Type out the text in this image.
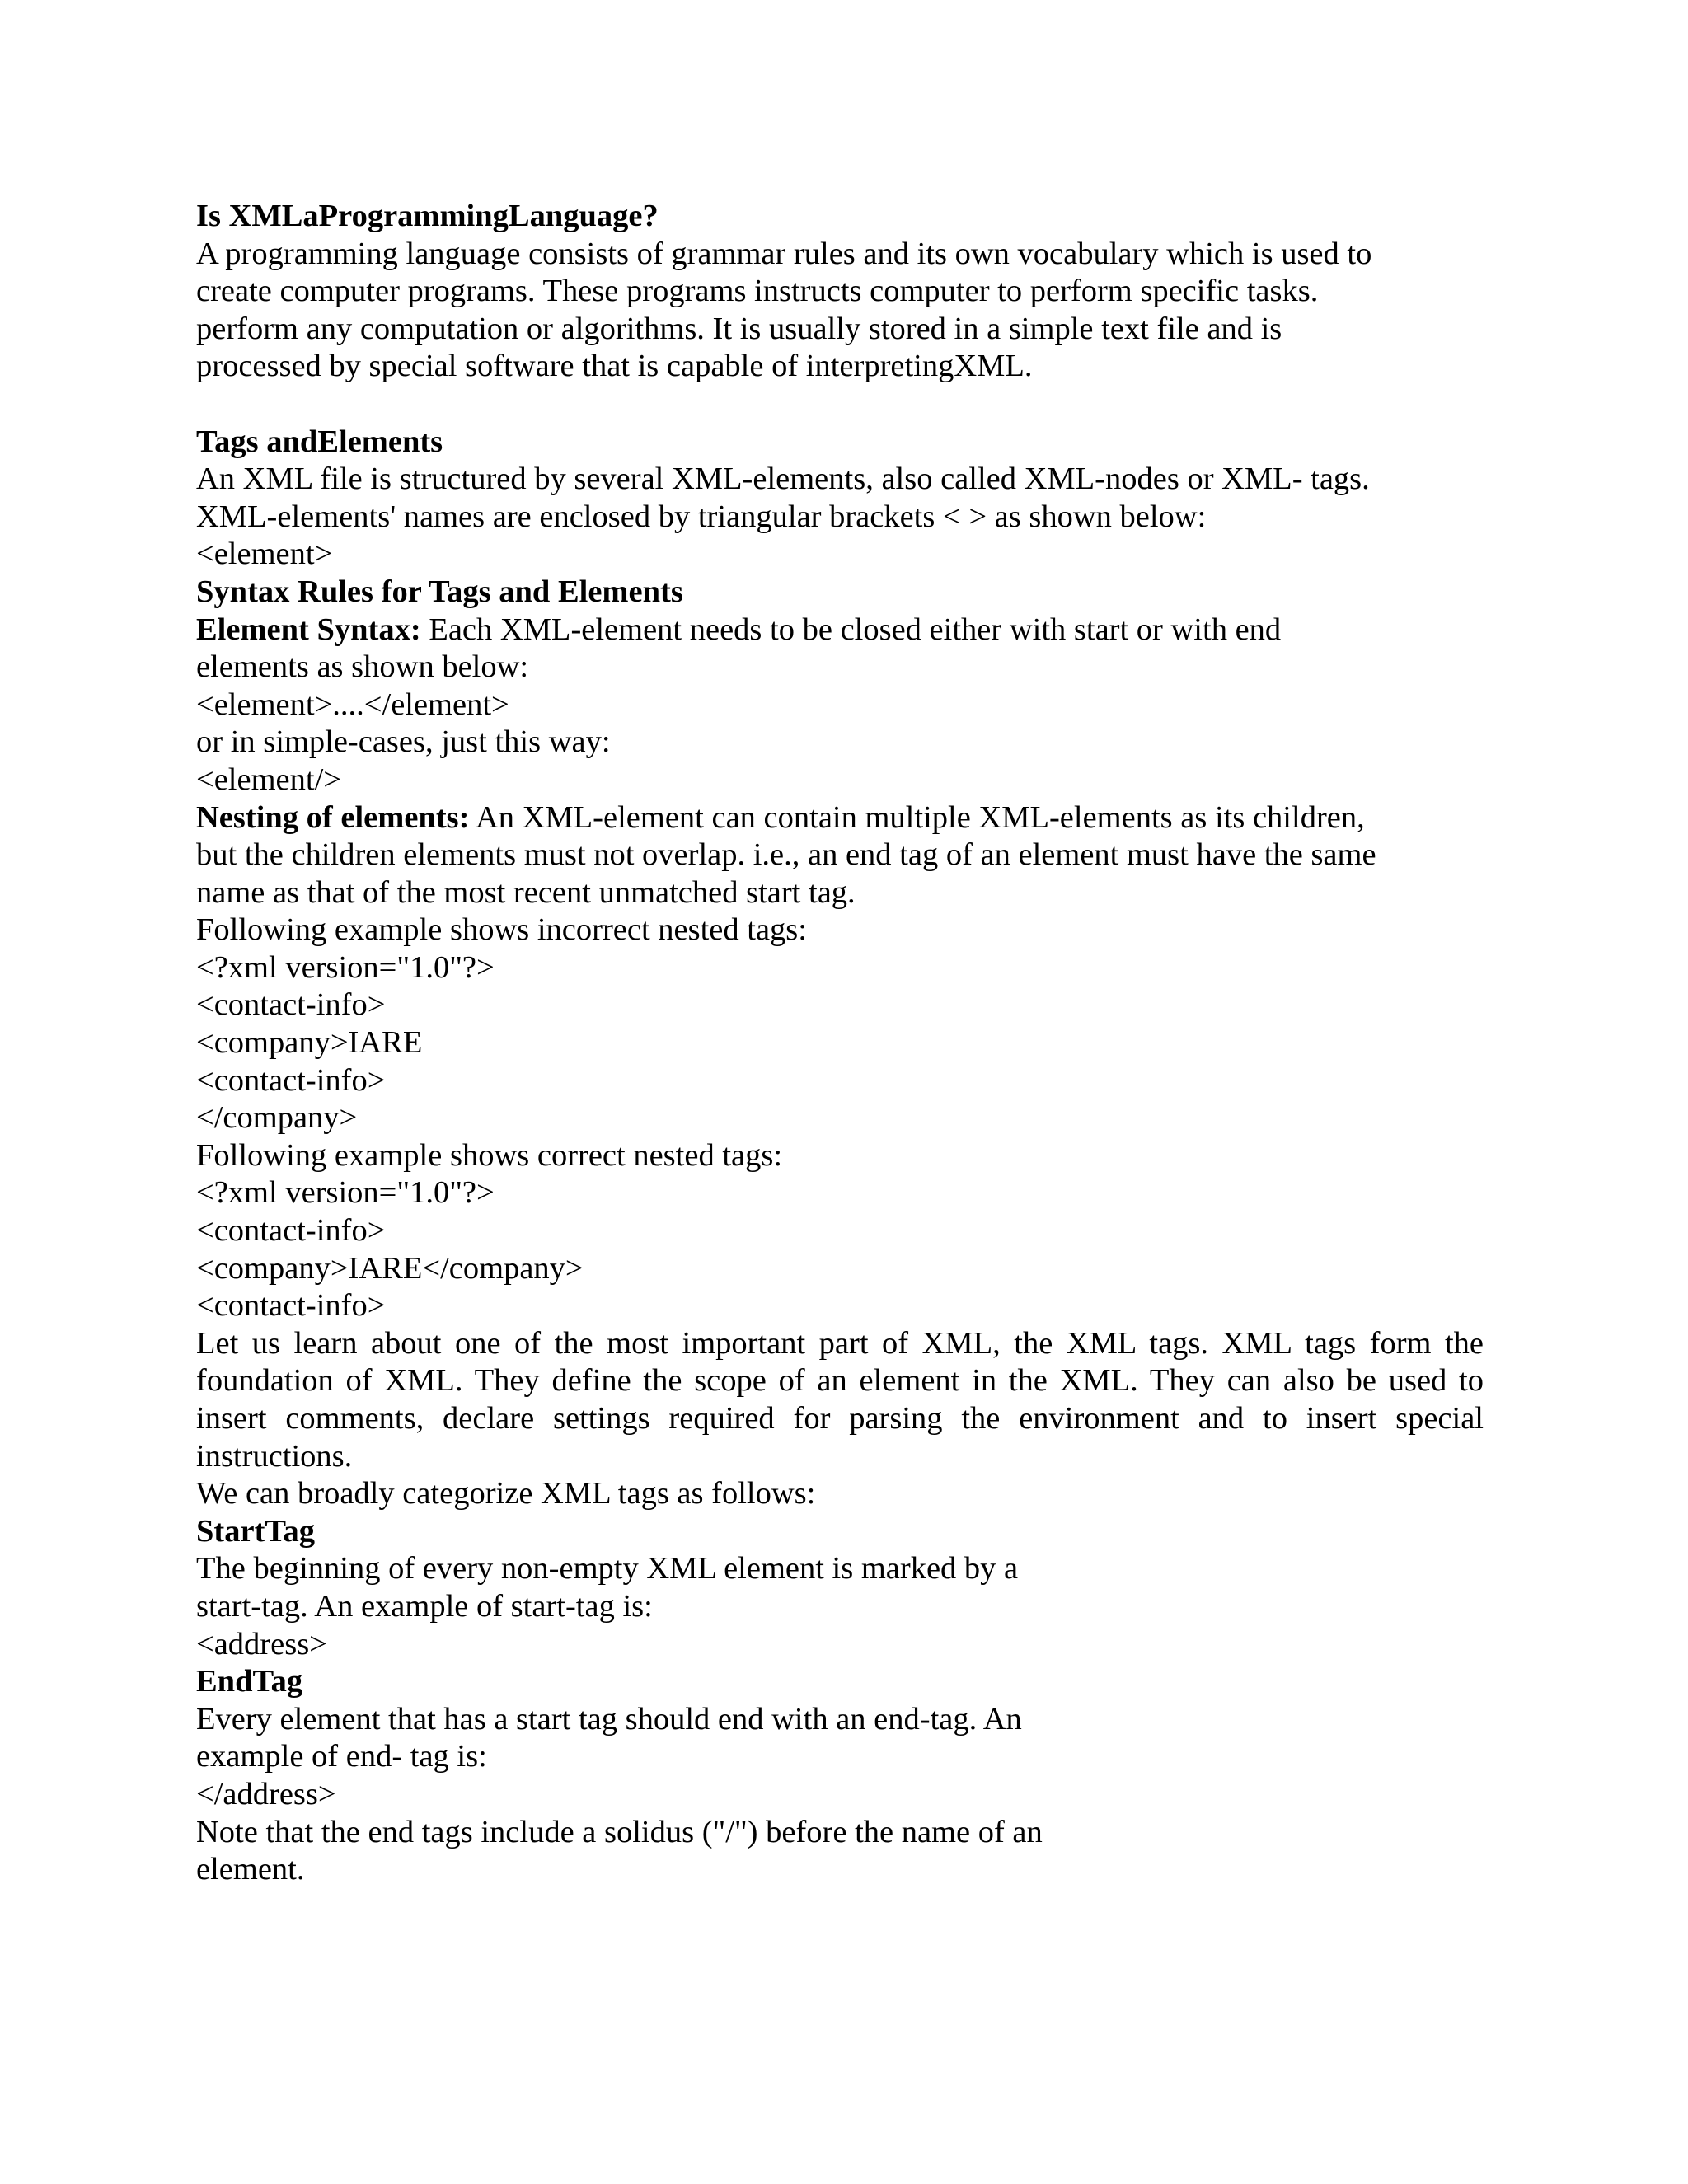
Is XMLaProgrammingLanguage?

A programming language consists of grammar rules and its own vocabulary which is used to

create computer programs. These programs instructs computer to perform specific tasks.

perform any computation or algorithms. It is usually stored in a simple text file and is

processed by special software that is capable of interpretingXML.

Tags andElements

An XML file is structured by several XML-elements, also called XML-nodes or XML- tags.

XML-elements' names are enclosed by triangular brackets < > as shown below:

<element>

Syntax Rules for Tags and Elements

Element Syntax: Each XML-element needs to be closed either with start or with end

elements as shown below:

<element>....</element>

or in simple-cases, just this way:

<element/>

Nesting of elements: An XML-element can contain multiple XML-elements as its children,

but the children elements must not overlap. i.e., an end tag of an element must have the same

name as that of the most recent unmatched start tag.

Following example shows incorrect nested tags:

<?xml version="1.0"?>

<contact-info>

<company>IARE

<contact-info>

</company>

Following example shows correct nested tags:

<?xml version="1.0"?>

<contact-info>

<company>IARE</company>

<contact-info>

Let us learn about one of the most important part of XML, the XML tags. XML tags form the foundation of XML. They define the scope of an element in the XML. They can also be used to insert comments, declare settings required for parsing the environment and to insert special instructions.

We can broadly categorize XML tags as follows:

StartTag

The beginning of every non-empty XML element is marked by a

start-tag. An example of start-tag is:

<address>

EndTag

Every element that has a start tag should end with an end-tag. An

example of end- tag is:

</address>

Note that the end tags include a solidus ("/") before the name of an

element.
